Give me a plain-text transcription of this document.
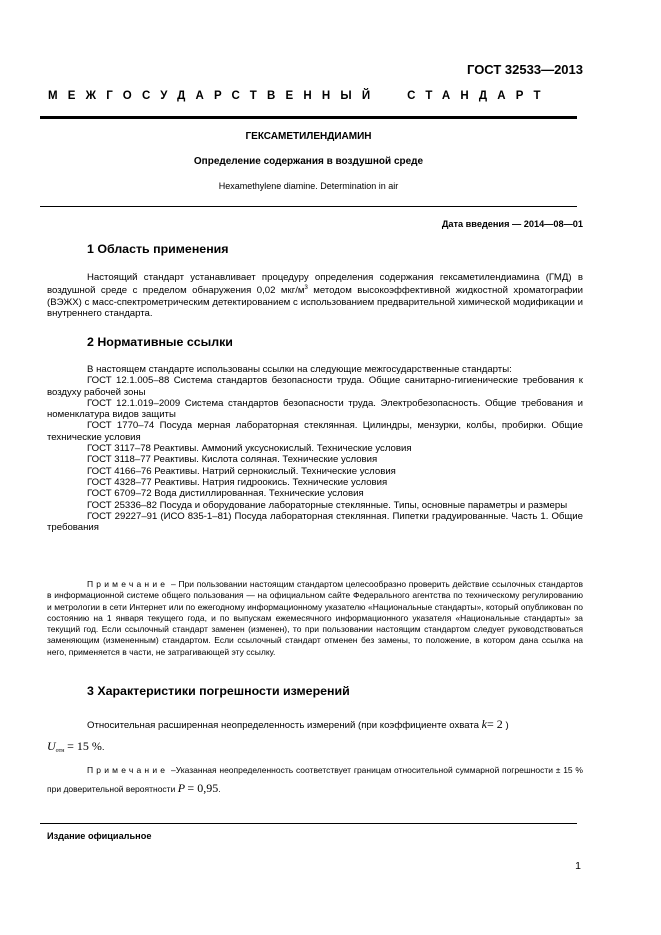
ГОСТ 32533—2013
МЕЖГОСУДАРСТВЕННЫЙ  СТАНДАРТ
ГЕКСАМЕТИЛЕНДИАМИН
Определение содержания в воздушной среде
Hexamethylene diamine. Determination in air
Дата введения — 2014—08—01
1 Область применения

Настоящий стандарт устанавливает процедуру определения содержания гексаметилендиамина (ГМД) в воздушной среде с пределом обнаружения 0,02 мкг/$м^3$ методом высокоэффективной жидкостной хроматографии (ВЭЖХ) с масс-спектрометрическим детектированием с использованием предварительной химической модификации и внутреннего стандарта.

2 Нормативные ссылки

В настоящем стандарте использованы ссылки на следующие межгосударственные стандарты:

ГОСТ 12.1.005–88 Система стандартов безопасности труда. Общие санитарно-гигиенические требования к воздуху рабочей зоны

ГОСТ 12.1.019–2009 Система стандартов безопасности труда. Электробезопасность. Общие требования и номенклатура видов защиты

ГОСТ 1770–74 Посуда мерная лабораторная стеклянная. Цилиндры, мензурки, колбы, пробирки. Общие технические условия

ГОСТ 3117–78 Реактивы. Аммоний уксуснокислый. Технические условия

ГОСТ 3118–77 Реактивы. Кислота соляная. Технические условия

ГОСТ 4166–76 Реактивы. Натрий сернокислый. Технические условия

ГОСТ 4328–77 Реактивы. Натрия гидроокись. Технические условия

ГОСТ 6709–72 Вода дистиллированная. Технические условия

ГОСТ 25336–82 Посуда и оборудование лабораторные стеклянные. Типы, основные параметры и размеры

ГОСТ 29227–91 (ИСО 835-1–81) Посуда лабораторная стеклянная. Пипетки градуированные. Часть 1. Общие требования

Примечание – При пользовании настоящим стандартом целесообразно проверить действие ссылочных стандартов в информационной системе общего пользования — на официальном сайте Федерального агентства по техническому регулированию и метрологии в сети Интернет или по ежегодному информационному указателю «Национальные стандарты», который опубликован по состоянию на 1 января текущего года, и по выпускам ежемесячного информационного указателя «Национальные стандарты» за текущий год. Если ссылочный стандарт заменен (изменен), то при пользовании настоящим стандартом следует руководствоваться заменяющим (измененным) стандартом. Если ссылочный стандарт отменен без замены, то положение, в котором дана ссылка на него, применяется в части, не затрагивающей эту ссылку.

3 Характеристики погрешности измерений

Относительная расширенная неопределенность измерений (при коэффициенте охвата k= 2 )

$U_{отн} = 15$ %.

Примечание –Указанная неопределенность соответствует границам относительной суммарной погрешности ± 15 % при доверительной вероятности P = 0,95.

Издание официальное
1
